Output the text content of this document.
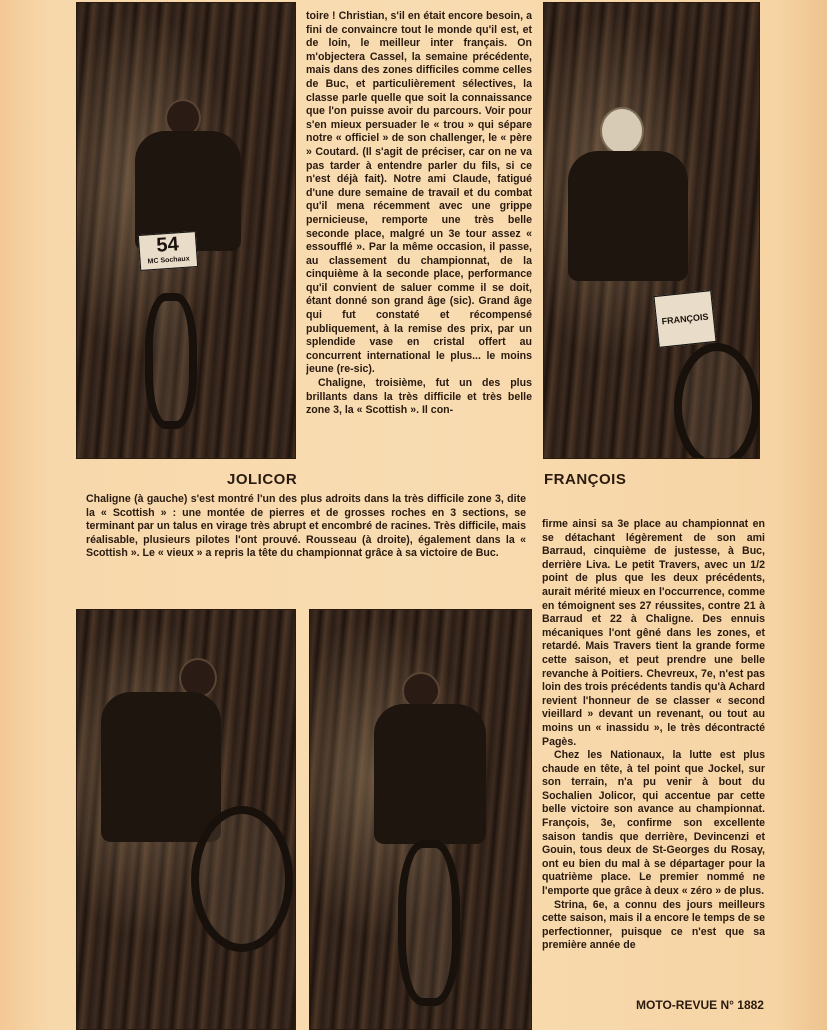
54
MC Sochaux
FRANÇOIS

toire ! Christian, s'il en était encore besoin, a fini de convaincre tout le monde qu'il est, et de loin, le meilleur inter français. On m'objectera Cassel, la semaine précédente, mais dans des zones difficiles comme celles de Buc, et particulièrement sélectives, la classe parle quelle que soit la connaissance que l'on puisse avoir du parcours. Voir pour s'en mieux persuader le « trou » qui sépare notre « officiel » de son challenger, le « père » Coutard. (Il s'agit de préciser, car on ne va pas tarder à entendre parler du fils, si ce n'est déjà fait). Notre ami Claude, fatigué d'une dure semaine de travail et du combat qu'il mena récemment avec une grippe pernicieuse, remporte une très belle seconde place, malgré un 3e tour assez « essoufflé ». Par la même occasion, il passe, au classement du championnat, de la cinquième à la seconde place, performance qu'il convient de saluer comme il se doit, étant donné son grand âge (sic). Grand âge qui fut constaté et récompensé publiquement, à la remise des prix, par un splendide vase en cristal offert au concurrent international le plus... le moins jeune (re-sic).

Chaligne, troisième, fut un des plus brillants dans la très difficile et très belle zone 3, la « Scottish ». Il con-

JOLICOR	FRANÇOIS
Chaligne (à gauche) s'est montré l'un des plus adroits dans la très difficile zone 3, dite la « Scottish » : une montée de pierres et de grosses roches en 3 sections, se terminant par un talus en virage très abrupt et encombré de racines. Très difficile, mais réalisable, plusieurs pilotes l'ont prouvé. Rousseau (à droite), également dans la « Scottish ». Le « vieux » a repris la tête du championnat grâce à sa victoire de Buc.

firme ainsi sa 3e place au championnat en se détachant légèrement de son ami Barraud, cinquième de justesse, à Buc, derrière Liva. Le petit Travers, avec un 1/2 point de plus que les deux précédents, aurait mérité mieux en l'occurrence, comme en témoignent ses 27 réussites, contre 21 à Barraud et 22 à Chaligne. Des ennuis mécaniques l'ont gêné dans les zones, et retardé. Mais Travers tient la grande forme cette saison, et peut prendre une belle revanche à Poitiers. Chevreux, 7e, n'est pas loin des trois précédents tandis qu'à Achard revient l'honneur de se classer « second vieillard » devant un revenant, ou tout au moins un « inassidu », le très décontracté Pagès.

Chez les Nationaux, la lutte est plus chaude en tête, à tel point que Jockel, sur son terrain, n'a pu venir à bout du Sochalien Jolicor, qui accentue par cette belle victoire son avance au championnat. François, 3e, confirme son excellente saison tandis que derrière, Devincenzi et Gouin, tous deux de St-Georges du Rosay, ont eu bien du mal à se départager pour la quatrième place. Le premier nommé ne l'emporte que grâce à deux « zéro » de plus.

Strina, 6e, a connu des jours meilleurs cette saison, mais il a encore le temps de se perfectionner, puisque ce n'est que sa première année de

MOTO-REVUE N° 1882
